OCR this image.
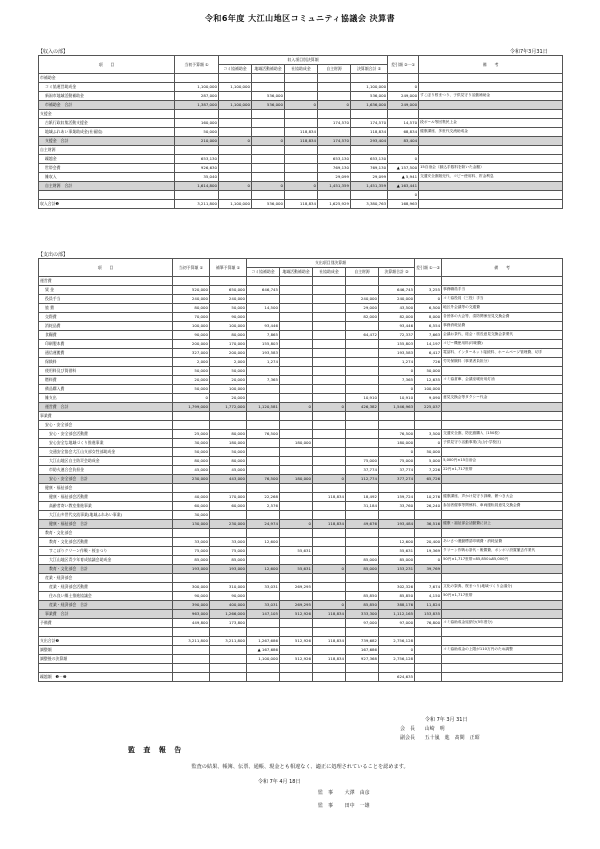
令和6年度 大江山地区コミュニティ協議会 決算書
【収入の部】	令和7年3月31日
項　　目	当初予算額 ①	収入項目別決算額					差引額 ②－①	備　　考
		コミ協補助金	地域活動補助金	社協助成金	自主財源	決算額合計 ②		
市補助金								
コミ協運営助成金	1,100,000	1,100,000				1,100,000	0	
新潟市地域活動補助金	287,000		536,000			536,000	249,000	すこぼり桜まつり、子供見守り活動補助金
市補助金　合計	1,387,000	1,100,000	536,000	0	0	1,636,000	249,000	
支援金								
古紙行政収集活動支援金	160,000				174,570	174,570	14,570	段ボール等回集民上金
地域ふれあい事業助成金(社福協)	50,000			118,834		118,834	68,834	健康講座、多世代交流助成金
支援金　合計	210,000	0	0	118,834	174,570	293,404	83,404	
自主財源								
繰越金	653,130				653,130	653,130	0	
世帯会費	926,630				769,130	769,130	▲ 157,500	15自治会（揃込手数料を除いた金額）
雑収入	35,040				29,099	29,099	▲ 5,941	交通安全旗販売代、コピー使用料、貯金利息
自主財源　合計	1,614,800	0	0	0	1,451,359	1,451,359	▲ 163,441	
							0	
収入合計❶	3,211,800	1,100,000	536,000	118,834	1,625,929	3,380,763	168,963	
【支出の部】
項　　目	当初予算額 ①	補筆予算額 ①	支出項目別決算額					差引額 ①－②	備　　考
			コミ協補助金	地域活動補助金	社協助成金	自主財源	決算額合計 ②		
運営費									
賃 金	520,000	650,000	646,745				646,745	3,255	事務職員手当
役員手当	240,000	240,000				240,000	240,000	0	コミ協役員（三役）手当
旅 費	80,000	50,000	14,500			29,000	43,500	6,500	地区外会議等の交通費
交際費	70,000	90,000				82,000	82,000	8,000	各団体の大会等、清防関係至見交換会費
消耗品費	100,000	100,000	93,446				93,446	6,554	事務消耗品費
食糧費	90,000	80,000	7,865			64,472	72,337	7,663	会議お茶代、総会・旅長意見交換会茶菓代
印刷製本費	200,000	170,000	155,803				155,803	14,197	コピー機使用料(印刷費)
通信運搬費	327,000	200,000	193,583				193,583	6,417	電話料、インターネット接続料、ホームページ管理費、切手
保険料	2,000	2,000	1,274				1,274	726	労災保険料（事業者負担分）
使用料及び賃借料	50,000	50,000					0	50,000	
燃料費	20,000	20,000	7,365				7,365	12,635	コミ協倉庫、会議室暖房用灯油
備品購入費	50,000	100,000					0	100,000	
雑支出	0	20,000				10,910	10,910	9,090	意見交換会等タクシー代金
運営費　合計	1,799,000	1,772,000	1,120,581	0	0	426,382	1,546,963	225,037	
事業費									
安心・安全部会									
安心・安全部会活動費	25,000	80,000	76,500				76,500	3,500	交通安全旗、防犯旗購入（150枚）
安心安全な地域づくり推進事業	30,000	180,000		180,000			180,000	0	子供見守り活動事業(丸山小学校区)
交通安全協会大江山支部女性部助成金	50,000	50,000					0	50,000	
大江山地区自主防災会助成金	80,000	80,000				75,000	75,000	5,000	5,000円×15自治会
市防火連合会負担金	45,000	45,000				37,774	37,774	7,226	22円×1,717世帯
安心・安全部会　合計	230,000	443,000	76,500	180,000	0	112,774	377,274	65,726	
健康・福祉部会									
健康・福祉部会活動費	40,000	170,000	22,268		118,834	18,492	159,724	10,276	健康講座、声かけ見守り訓練、餅つき大会
高齢者寄い教室推進事業	60,000	60,000	2,576			31,184	33,760	26,240	参加者催事等関係料、車両運転員意見交換会費
大江山多世代交流事業(地域ふれあい事業)	30,000								
健康・福祉部会　合計	130,000	230,000	24,974	0	118,834	49,676	193,484	36,516	健康・福祉部会活動費に計上
教育・文化部会									
教育・文化部会活動費	33,000	33,000	12,600				12,600	20,400	あいさつ運動標語印刷費・消耗品費
すこぼりクリーン作戦・桜まつり	75,000	75,000		55,631			55,631	19,369	クリーン作戦お茶代・報償費、ボンボリ設置撤去作業代
大江山地区青少年育成協議会助成金	85,000	85,000				85,000	85,000	0	50円×1,717世帯=85,850≒85,000円
教育・文化部会　合計	193,000	193,000	12,600	55,631	0	85,000	153,231	39,769	
産業・経済部会									
産業・経済部会活動費	300,000	310,000	33,031	269,295			302,326	7,674	文化の祭典、桜まつり(地域づくり会議分)
住み良い郷土推進協議会	90,000	90,000				85,850	85,850	4,150	50円×1,717世帯
産業・経済部会　合計	390,000	400,000	33,031	269,295	0	85,850	388,176	11,824	
事業費　合計	963,000	1,266,000	147,105	512,926	118,834	333,300	1,112,165	153,835	
予備費	449,800	173,800				97,000	97,000	76,800	コミ協助成金返納分(5年度分)

支出合計❷	3,211,800	3,211,800	1,267,686	512,926	118,834	739,682	2,756,128		
調整額			▲ 167,686			167,686	0		コミ協助成金の上限が110万円のため調整
調整後の決算額			1,100,000	512,926	118,834	927,368	2,756,128		

繰越額　❶－❷							624,635		
令和 7年 3月 31日
会　長 山崎　明
副会長 五十嵐　進　髙間　正昭
監 査 報 告
監査の結果、帳簿、伝票、通帳、現金とも相違なく、適正に処理されていることを認めます。
令和 7年 4月 18日
監　事 大澤　由彦
監　事 田中　一雄
